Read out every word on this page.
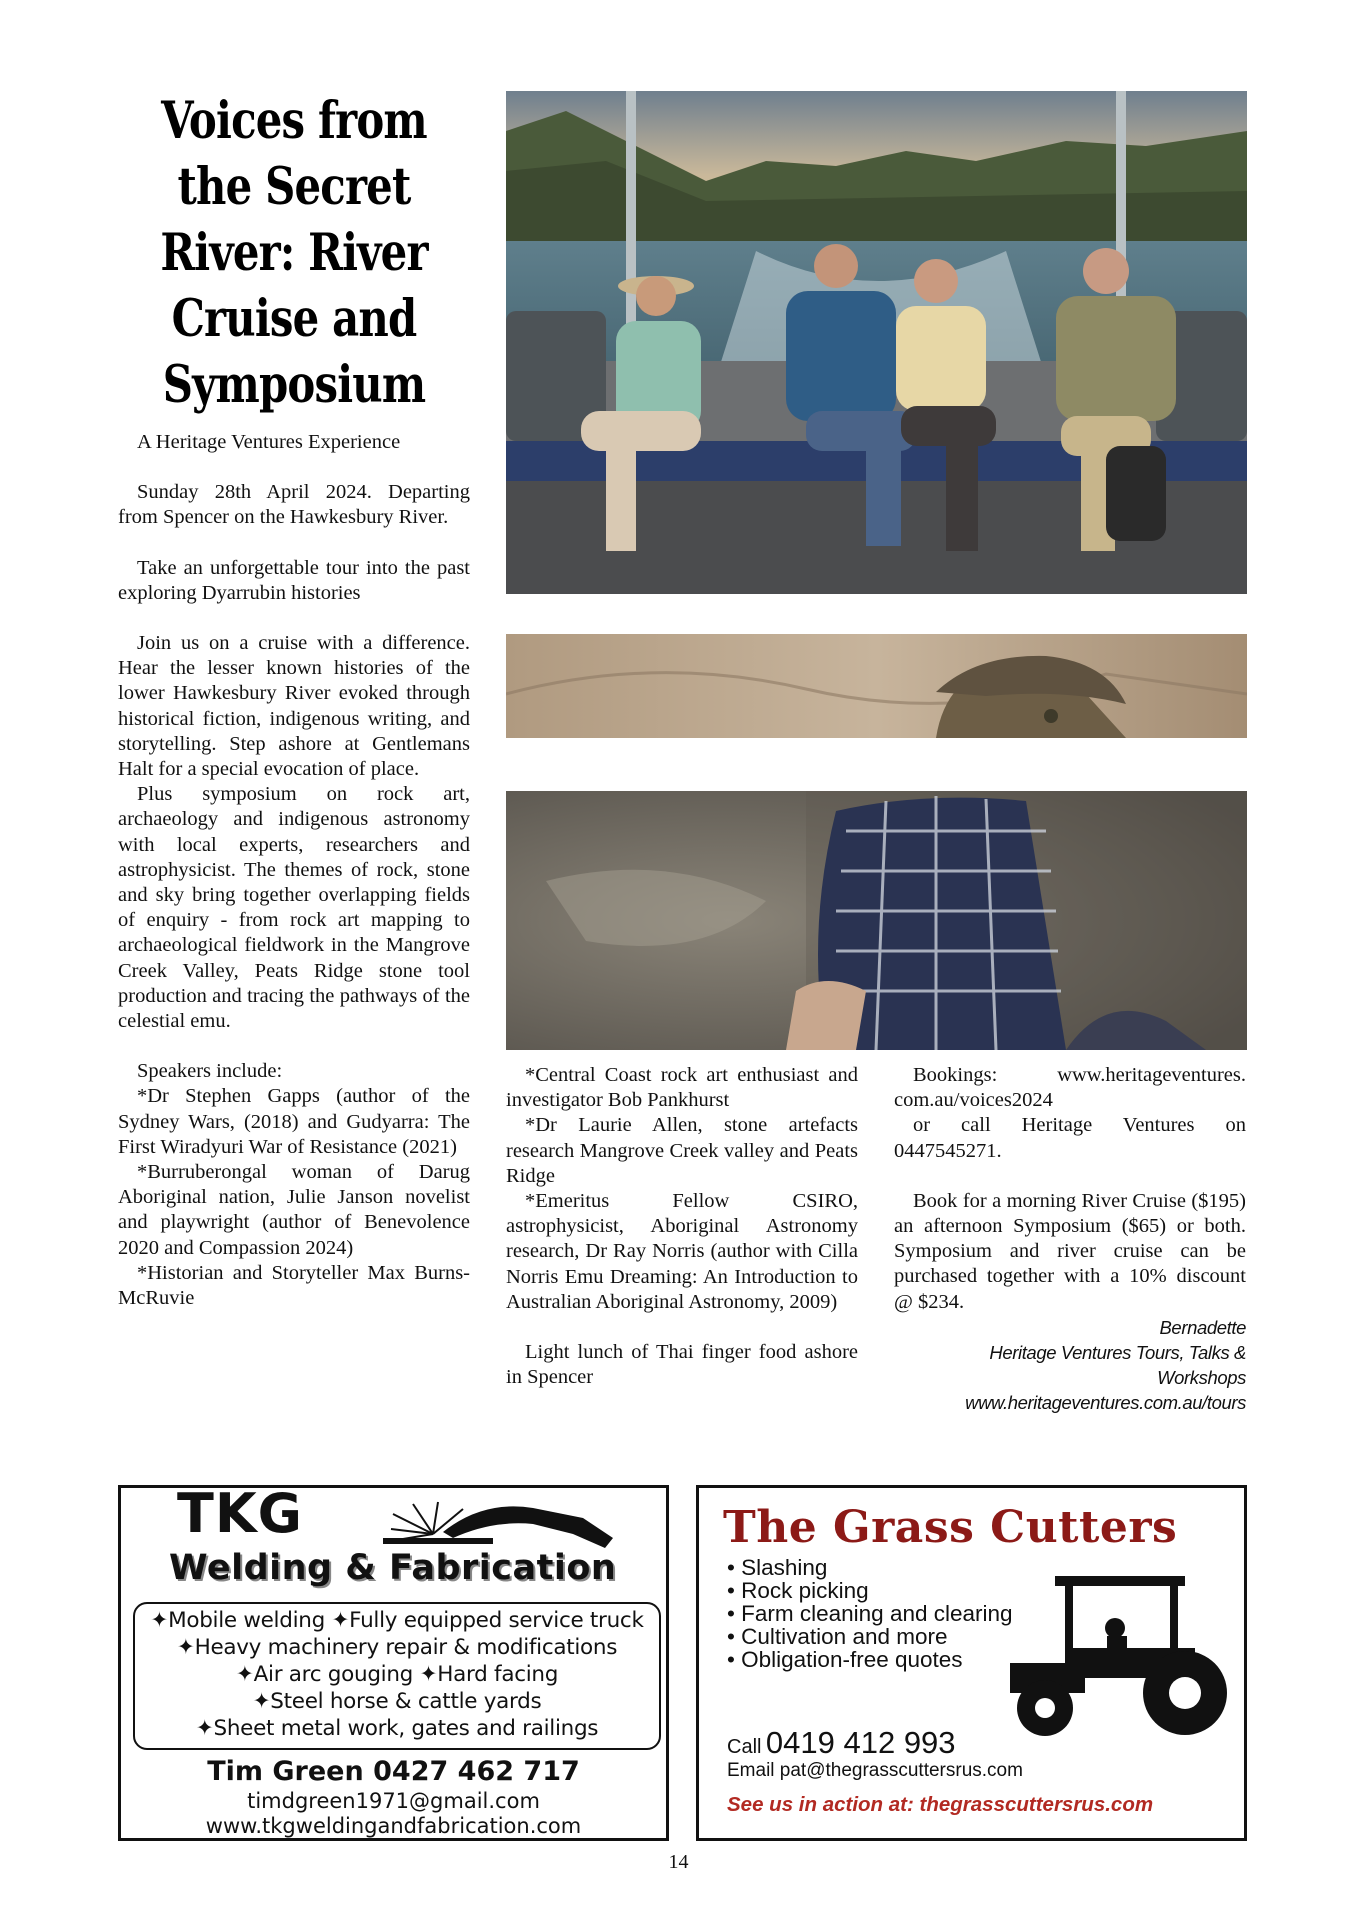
Voices from
the Secret
River: River
Cruise and
Symposium

A Heritage Ventures Experience

Sunday 28th April 2024. Departing from Spencer on the Hawkesbury River.

Take an unforgettable tour into the past exploring Dyarrubin histories

Join us on a cruise with a difference. Hear the lesser known histories of the lower Hawkesbury River evoked through historical fiction, indigenous writing, and storytelling. Step ashore at Gentlemans Halt for a special evocation of place.

Plus symposium on rock art, archaeology and indigenous astronomy with local experts, researchers and astrophysicist. The themes of rock, stone and sky bring together overlapping fields of enquiry - from rock art mapping to archaeological fieldwork in the Mangrove Creek Valley, Peats Ridge stone tool production and tracing the pathways of the celestial emu.

Speakers include:

*Dr Stephen Gapps (author of the Sydney Wars, (2018) and Gudyarra: The First Wiradyuri War of Resistance (2021)

*Burruberongal woman of Darug Aboriginal nation, Julie Janson novelist and playwright (author of Benevolence 2020 and Compassion 2024)

*Historian and Storyteller Max Burns-McRuvie

*Central Coast rock art enthusiast and investigator Bob Pankhurst

*Dr Laurie Allen, stone artefacts research Mangrove Creek valley and Peats Ridge

*Emeritus Fellow CSIRO, astrophysicist, Aboriginal Astronomy research, Dr Ray Norris (author with Cilla Norris Emu Dreaming: An Introduction to Australian Aboriginal Astronomy, 2009)

Light lunch of Thai finger food ashore in Spencer

Bookings: www.heritageventures. com.au/voices2024

or call Heritage Ventures on 0447545271.

Book for a morning River Cruise ($195) an afternoon Symposium ($65) or both. Symposium and river cruise can be purchased together with a 10% discount @ $234.

Bernadette

Heritage Ventures Tours, Talks &

Workshops

www.heritageventures.com.au/tours

TKG
Welding & Fabrication
✦Mobile welding ✦Fully equipped service truck
✦Heavy machinery repair & modifications
✦Air arc gouging ✦Hard facing
✦Steel horse & cattle yards
✦Sheet metal work, gates and railings
Tim Green 0427 462 717
timdgreen1971@gmail.com
www.tkgweldingandfabrication.com
The Grass Cutters
• Slashing
• Rock picking
• Farm cleaning and clearing
• Cultivation and more
• Obligation-free quotes
Call 0419 412 993
Email pat@thegrasscuttersrus.com
See us in action at: thegrasscuttersrus.com
14
